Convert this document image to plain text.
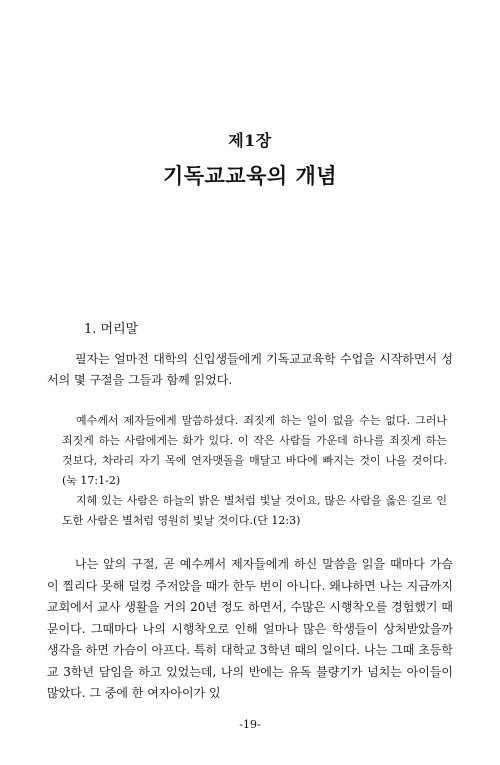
제1장
기독교교육의 개념
1. 머리말

필자는 얼마전 대학의 신입생들에게 기독교교육학 수업을 시작하면서 성서의 몇 구절을 그들과 함께 읽었다.

예수께서 제자들에게 말씀하셨다. 죄짓게 하는 일이 없을 수는 없다. 그러나 죄짓게 하는 사람에게는 화가 있다. 이 작은 사람들 가운데 하나를 죄짓게 하는 것보다, 차라리 자기 목에 연자맷돌을 매달고 바다에 빠지는 것이 나을 것이다.(눅 17:1-2)

지혜 있는 사람은 하늘의 밝은 별처럼 빛날 것이요, 많은 사람을 옳은 길로 인도한 사람은 별처럼 영원히 빛날 것이다.(단 12:3)

나는 앞의 구절, 곧 예수께서 제자들에게 하신 말씀을 읽을 때마다 가슴이 찔리다 못해 덜컹 주저앉을 때가 한두 번이 아니다. 왜냐하면 나는 지금까지 교회에서 교사 생활을 거의 20년 정도 하면서, 수많은 시행착오를 경험했기 때문이다. 그때마다 나의 시행착오로 인해 얼마나 많은 학생들이 상처받았을까 생각을 하면 가슴이 아프다. 특히 대학교 3학년 때의 일이다. 나는 그때 초등학교 3학년 담임을 하고 있었는데, 나의 반에는 유독 불량기가 넘치는 아이들이 많았다. 그 중에 한 여자아이가 있

-19-
